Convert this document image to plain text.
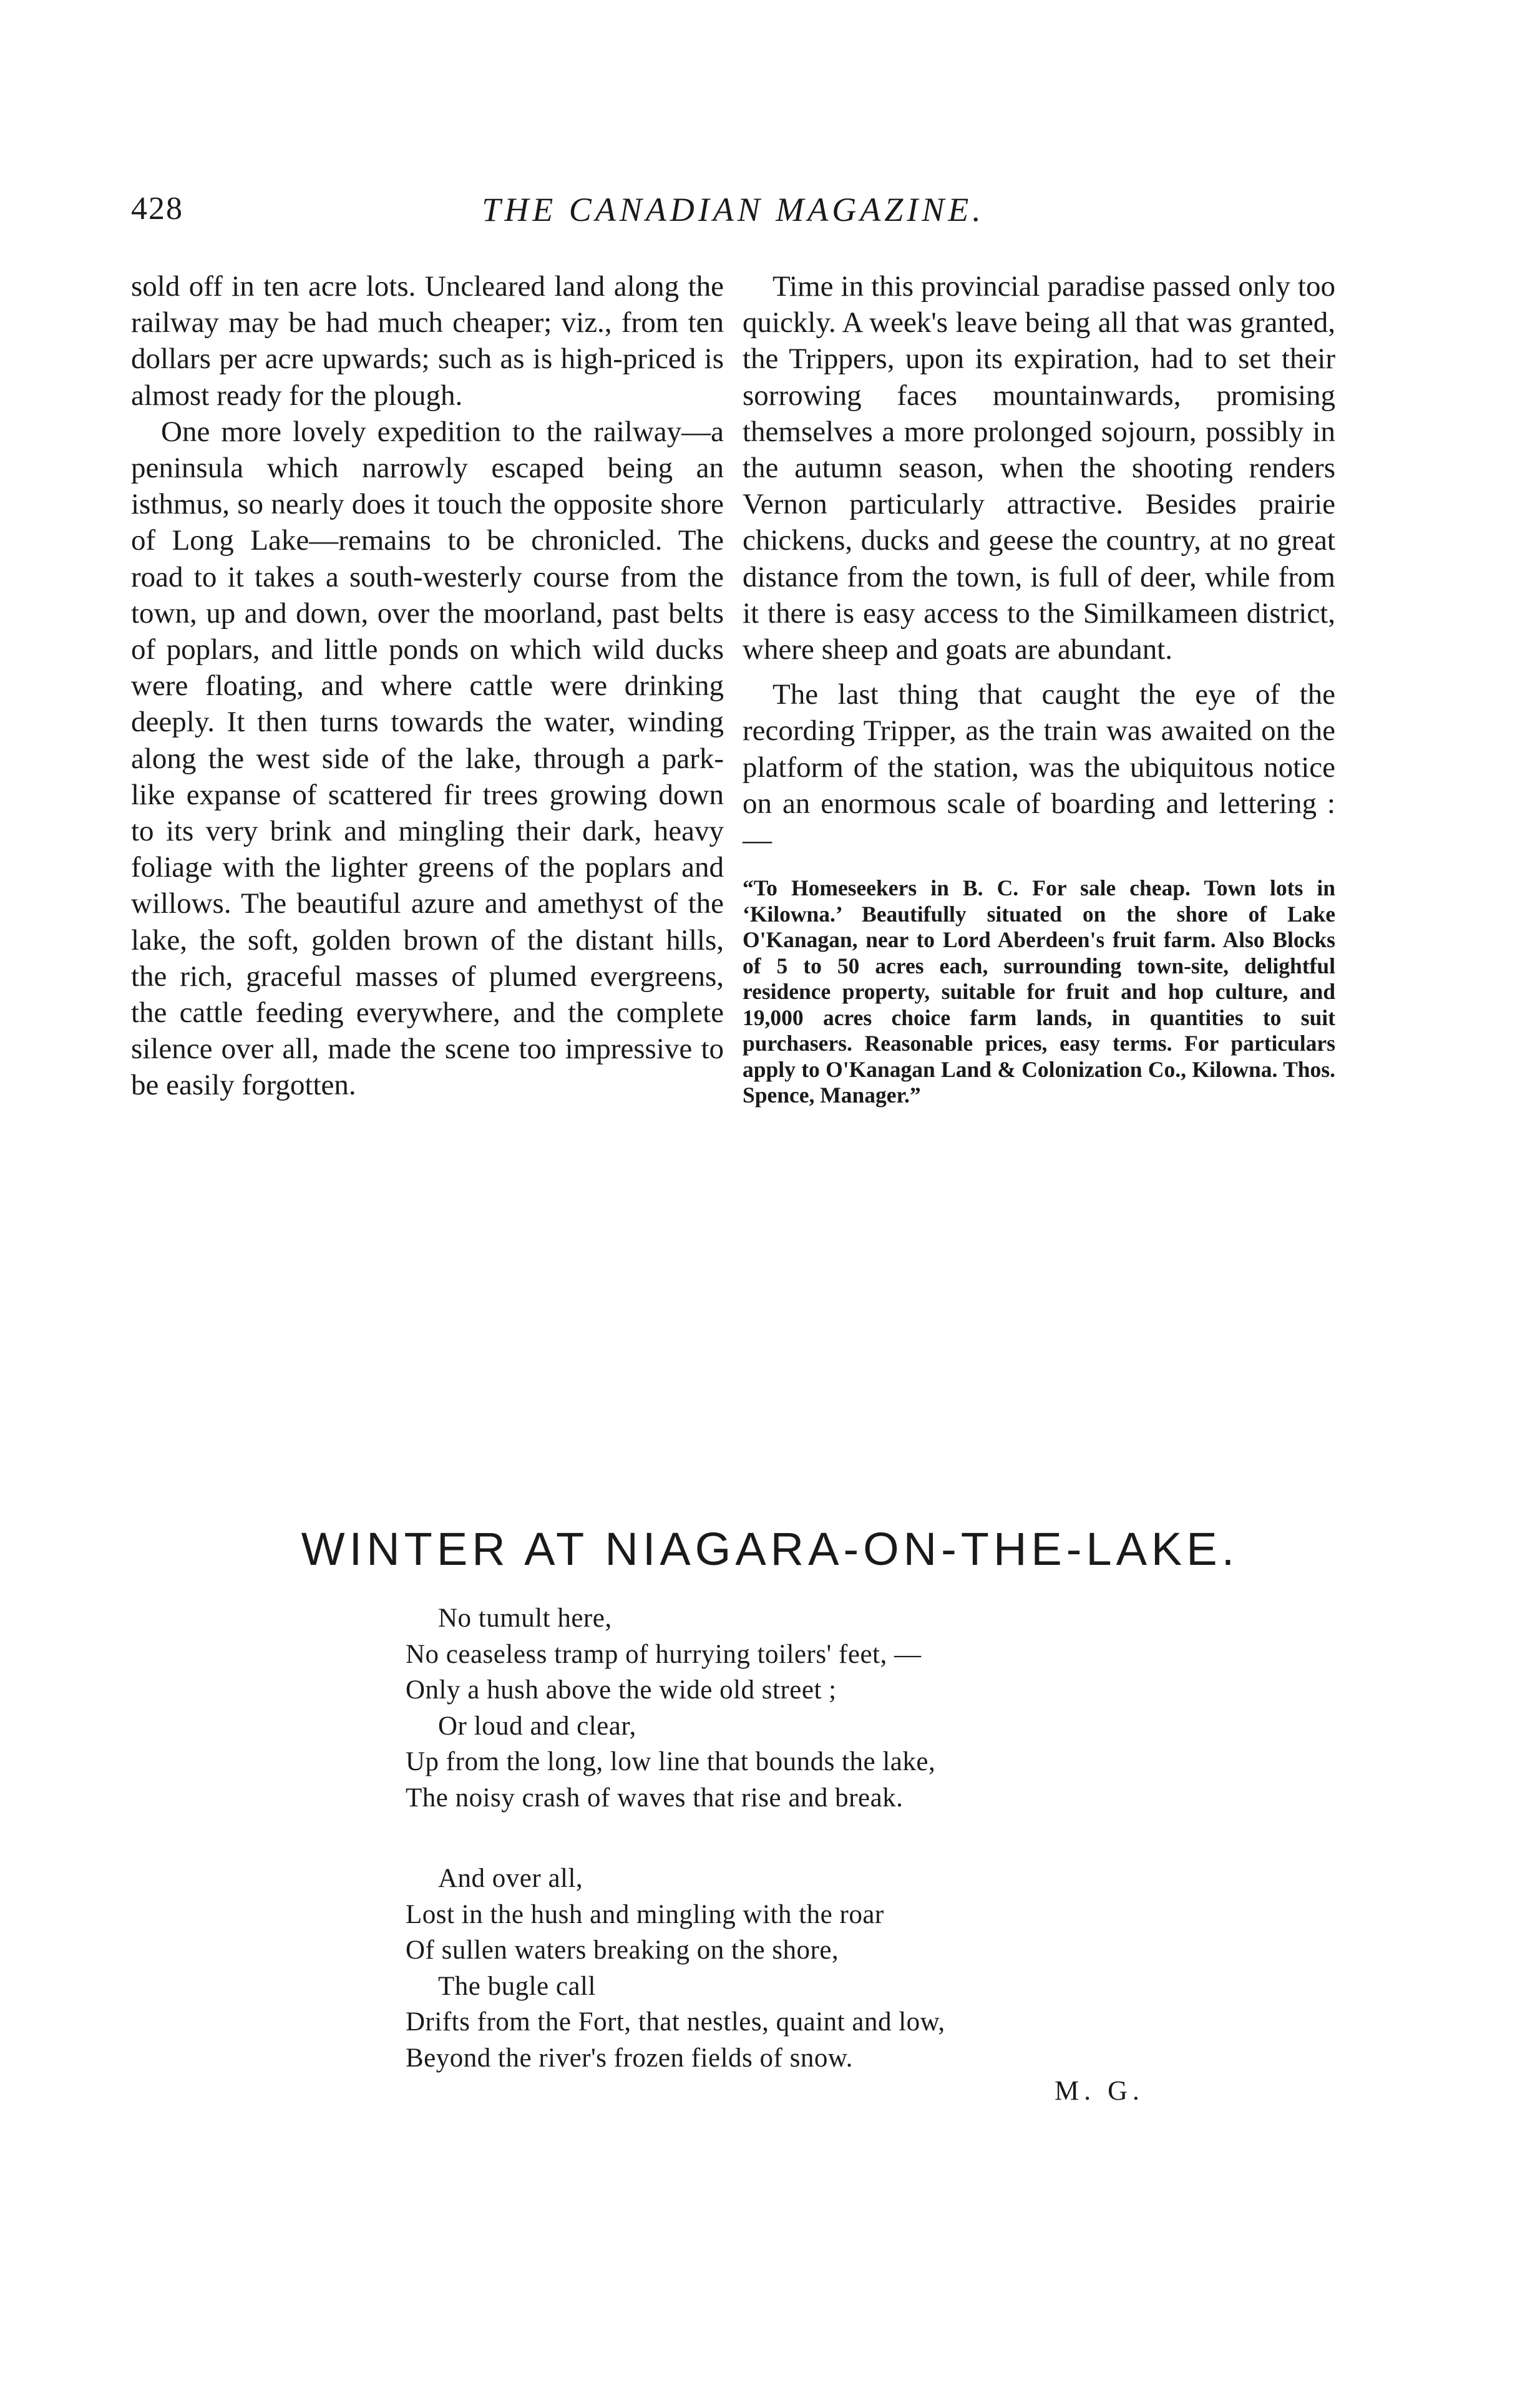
428	THE CANADIAN MAGAZINE.

sold off in ten acre lots. Uncleared land along the railway may be had much cheaper; viz., from ten dollars per acre upwards; such as is high-priced is almost ready for the plough.

One more lovely expedition to the railway—a peninsula which narrowly escaped being an isthmus, so nearly does it touch the opposite shore of Long Lake—remains to be chronicled. The road to it takes a south-westerly course from the town, up and down, over the moorland, past belts of poplars, and little ponds on which wild ducks were floating, and where cattle were drinking deeply. It then turns towards the water, winding along the west side of the lake, through a park-like expanse of scattered fir trees growing down to its very brink and mingling their dark, heavy foliage with the lighter greens of the poplars and willows. The beautiful azure and amethyst of the lake, the soft, golden brown of the distant hills, the rich, graceful masses of plumed evergreens, the cattle feeding everywhere, and the complete silence over all, made the scene too impressive to be easily forgotten.

Time in this provincial paradise passed only too quickly. A week's leave being all that was granted, the Trippers, upon its expiration, had to set their sorrowing faces mountainwards, promising themselves a more prolonged sojourn, possibly in the autumn season, when the shooting renders Vernon particularly attractive. Besides prairie chickens, ducks and geese the country, at no great distance from the town, is full of deer, while from it there is easy access to the Similkameen district, where sheep and goats are abundant.

The last thing that caught the eye of the recording Tripper, as the train was awaited on the platform of the station, was the ubiquitous notice on an enormous scale of boarding and lettering :—

“To Homeseekers in B. C. For sale cheap. Town lots in ‘Kilowna.’ Beautifully situated on the shore of Lake O'Kanagan, near to Lord Aberdeen's fruit farm. Also Blocks of 5 to 50 acres each, surrounding town-site, delightful residence property, suitable for fruit and hop culture, and 19,000 acres choice farm lands, in quantities to suit purchasers. Reasonable prices, easy terms. For particulars apply to O'Kanagan Land & Colonization Co., Kilowna. Thos. Spence, Manager.”

WINTER AT NIAGARA-ON-THE-LAKE.
No tumult here,
No ceaseless tramp of hurrying toilers' feet, —
Only a hush above the wide old street ;
Or loud and clear,
Up from the long, low line that bounds the lake,
The noisy crash of waves that rise and break.
And over all,
Lost in the hush and mingling with the roar
Of sullen waters breaking on the shore,
The bugle call
Drifts from the Fort, that nestles, quaint and low,
Beyond the river's frozen fields of snow.
M. G.
